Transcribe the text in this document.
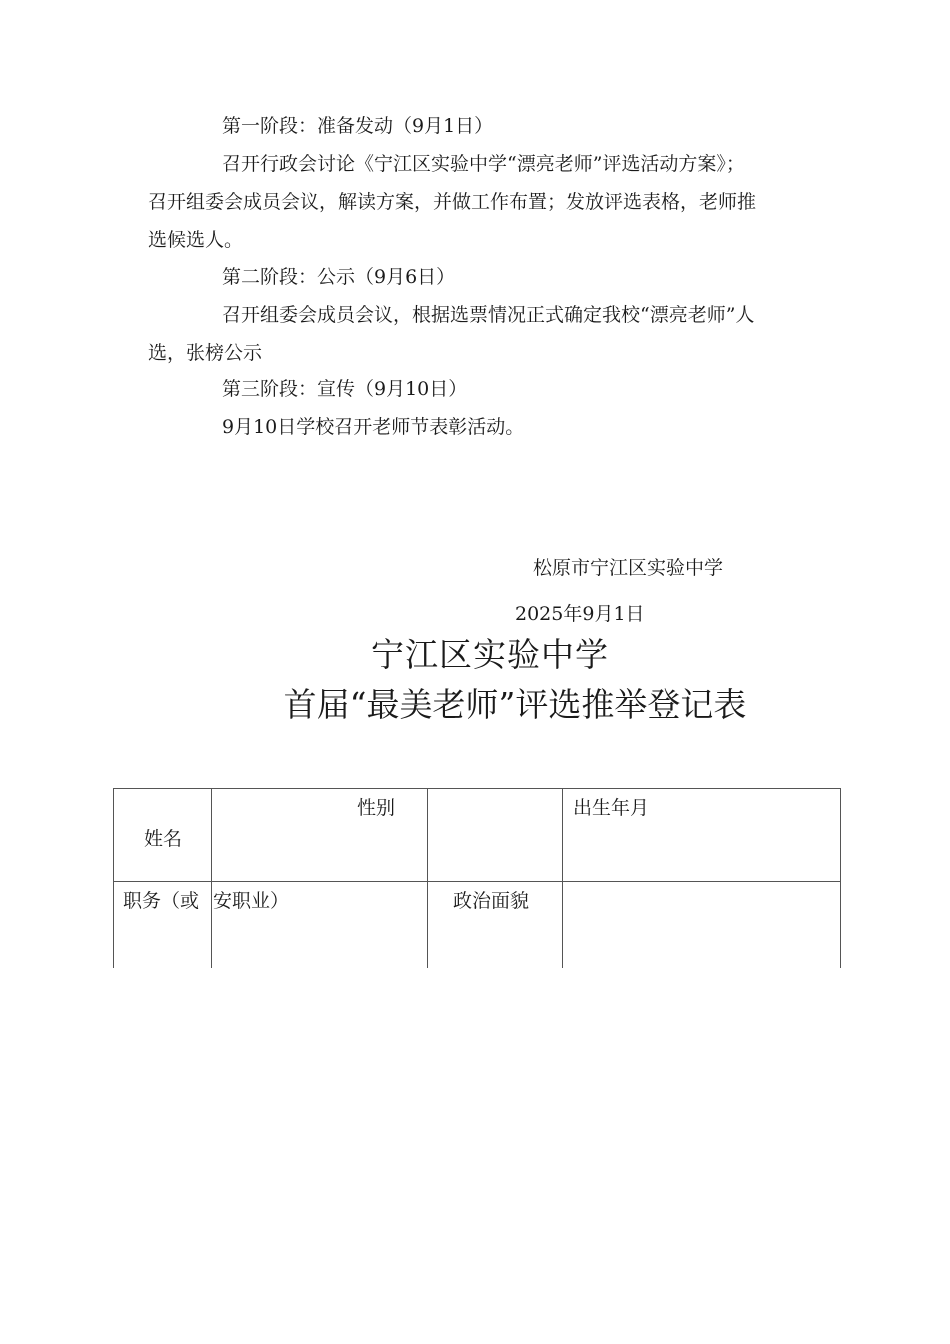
第一阶段：准备发动（9月1日）
召开行政会讨论《宁江区实验中学“漂亮老师”评选活动方案》；
召开组委会成员会议，解读方案，并做工作布置；发放评选表格，老师推
选候选人。
第二阶段：公示（9月6日）
召开组委会成员会议，根据选票情况正式确定我校“漂亮老师”人
选，张榜公示
第三阶段：宣传（9月10日）
9月10日学校召开老师节表彰活动。
松原市宁江区实验中学
2025年9月1日
宁江区实验中学
首届“最美老师”评选推举登记表
姓名	性别		出生年月

职务（或	安职业）	政治面貌	
